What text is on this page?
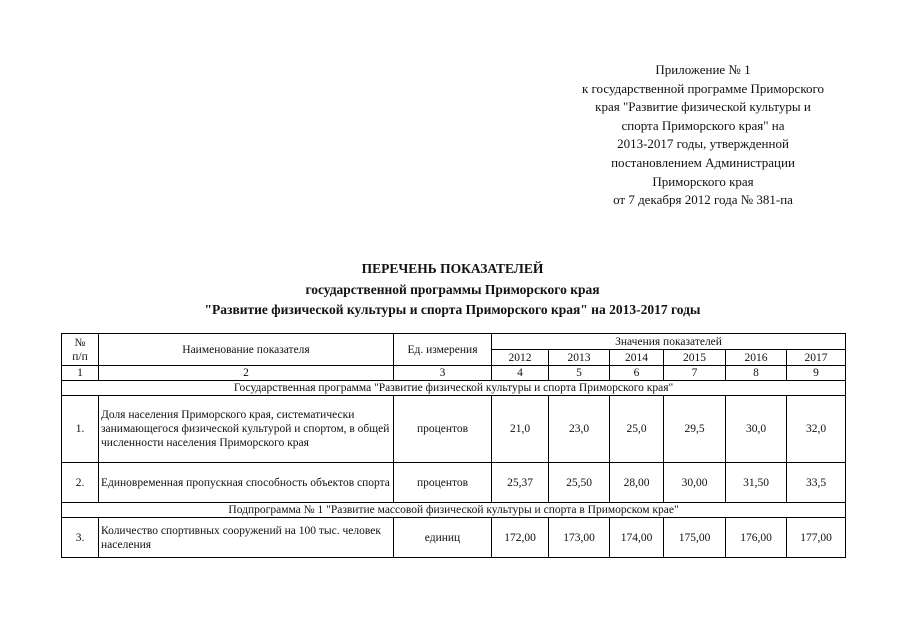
Приложение № 1
к государственной программе Приморского
края "Развитие физической культуры и
спорта Приморского края" на
2013-2017 годы, утвержденной
постановлением Администрации
Приморского края
от 7 декабря 2012 года № 381-па
ПЕРЕЧЕНЬ ПОКАЗАТЕЛЕЙ
государственной программы Приморского края
"Развитие физической культуры и спорта Приморского края" на 2013-2017 годы
№
п/п	Наименование показателя	Ед. измерения	Значения показателей					
			2012	2013	2014	2015	2016	2017
1	2	3	4	5	6	7	8	9
Государственная программа "Развитие физической культуры и спорта Приморского края"								
1.	Доля населения Приморского края, систематически занимающегося физической культурой и спортом, в общей численности населения Приморского края	процентов	21,0	23,0	25,0	29,5	30,0	32,0
2.	Единовременная пропускная способность объектов спорта	процентов	25,37	25,50	28,00	30,00	31,50	33,5
Подпрограмма № 1 "Развитие массовой физической культуры и спорта в Приморском крае"								
3.	Количество спортивных сооружений на 100 тыс. человек населения	единиц	172,00	173,00	174,00	175,00	176,00	177,00
